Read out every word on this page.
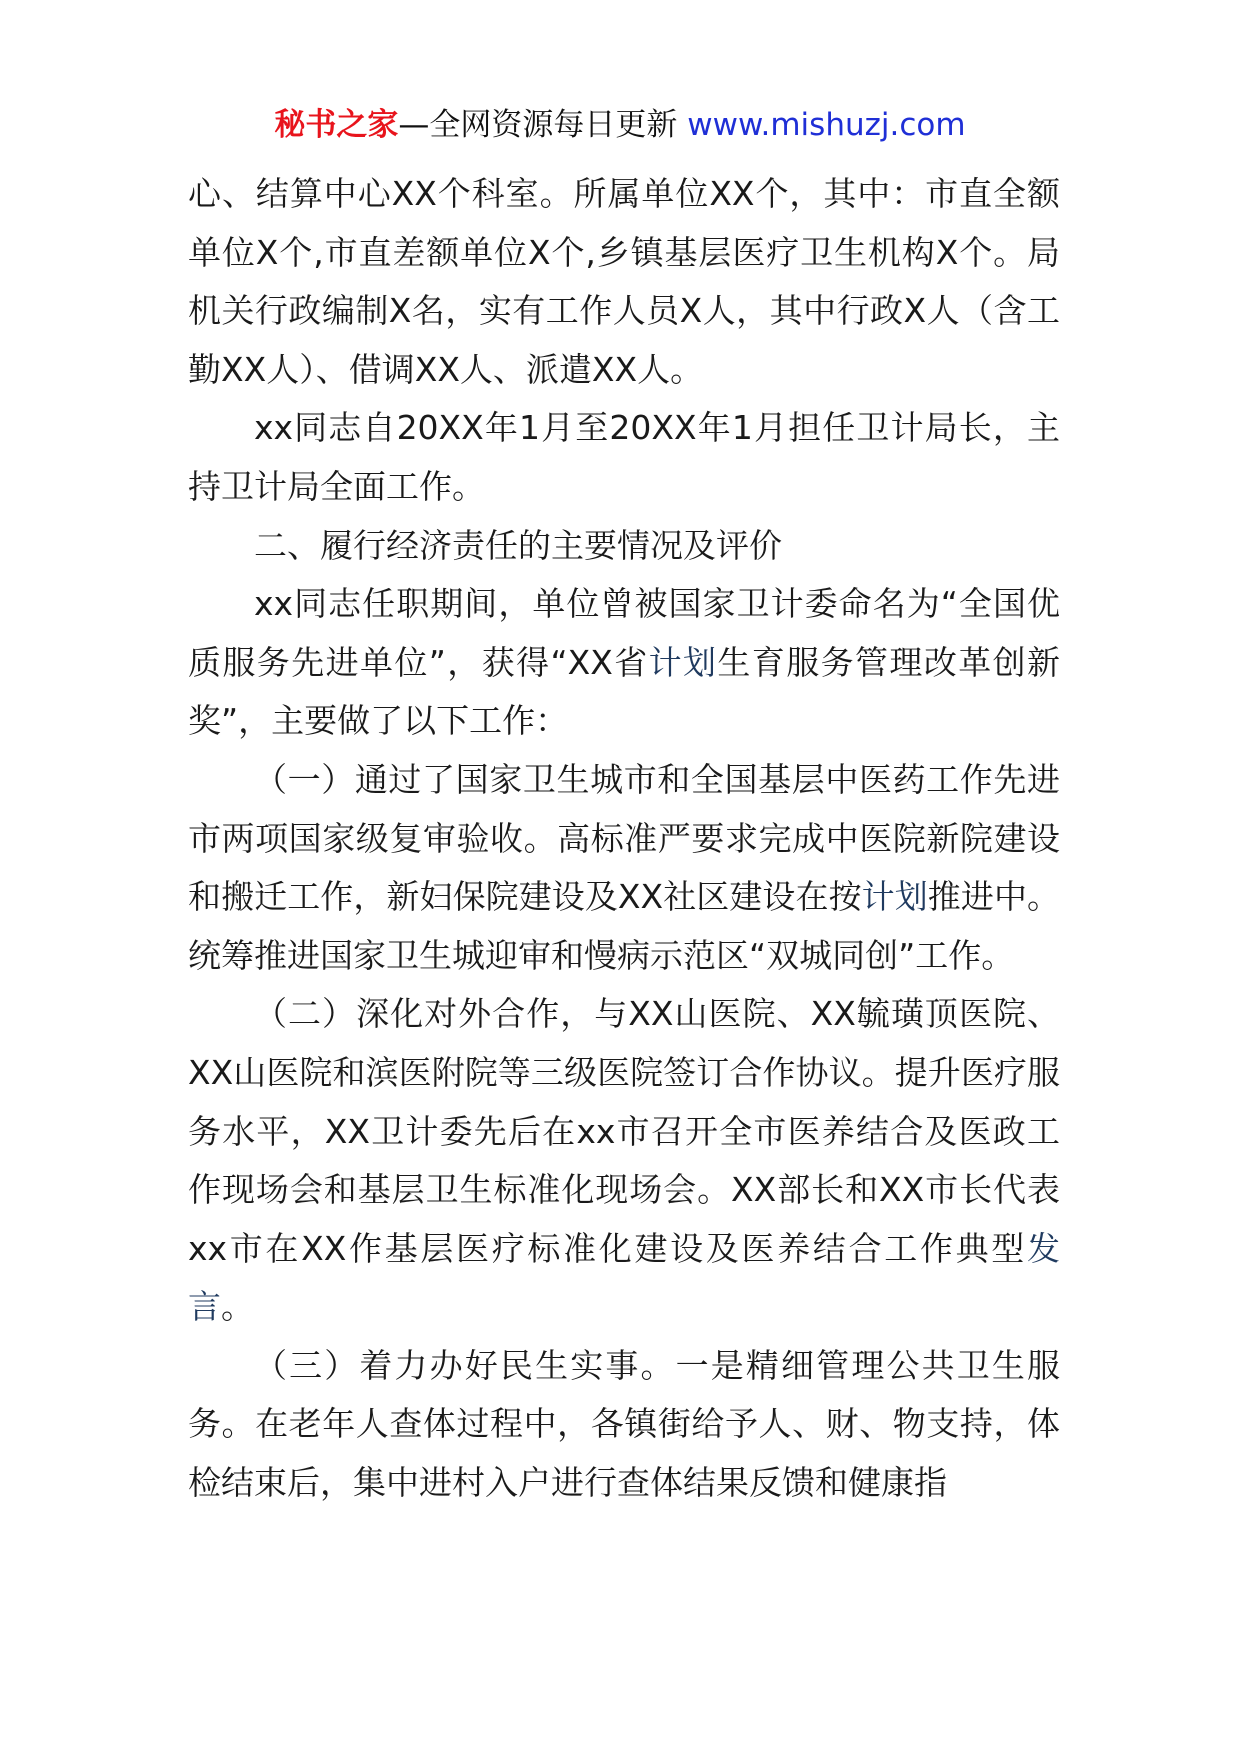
秘书之家—全网资源每日更新 www.mishuzj.com

心、结算中心XX个科室。所属单位XX个，其中：市直全额单位X个,市直差额单位X个,乡镇基层医疗卫生机构X个。局机关行政编制X名，实有工作人员X人，其中行政X人（含工勤XX人）、借调XX人、派遣XX人。

xx同志自20XX年1月至20XX年1月担任卫计局长，主持卫计局全面工作。

二、履行经济责任的主要情况及评价

xx同志任职期间，单位曾被国家卫计委命名为“全国优质服务先进单位”，获得“XX省计划生育服务管理改革创新奖”，主要做了以下工作：

（一）通过了国家卫生城市和全国基层中医药工作先进市两项国家级复审验收。高标准严要求完成中医院新院建设和搬迁工作，新妇保院建设及XX社区建设在按计划推进中。统筹推进国家卫生城迎审和慢病示范区“双城同创”工作。

（二）深化对外合作，与XX山医院、XX毓璜顶医院、XX山医院和滨医附院等三级医院签订合作协议。提升医疗服务水平，XX卫计委先后在xx市召开全市医养结合及医政工作现场会和基层卫生标准化现场会。XX部长和XX市长代表xx市在XX作基层医疗标准化建设及医养结合工作典型发言。

（三）着力办好民生实事。一是精细管理公共卫生服务。在老年人查体过程中，各镇街给予人、财、物支持，体检结束后，集中进村入户进行查体结果反馈和健康指
